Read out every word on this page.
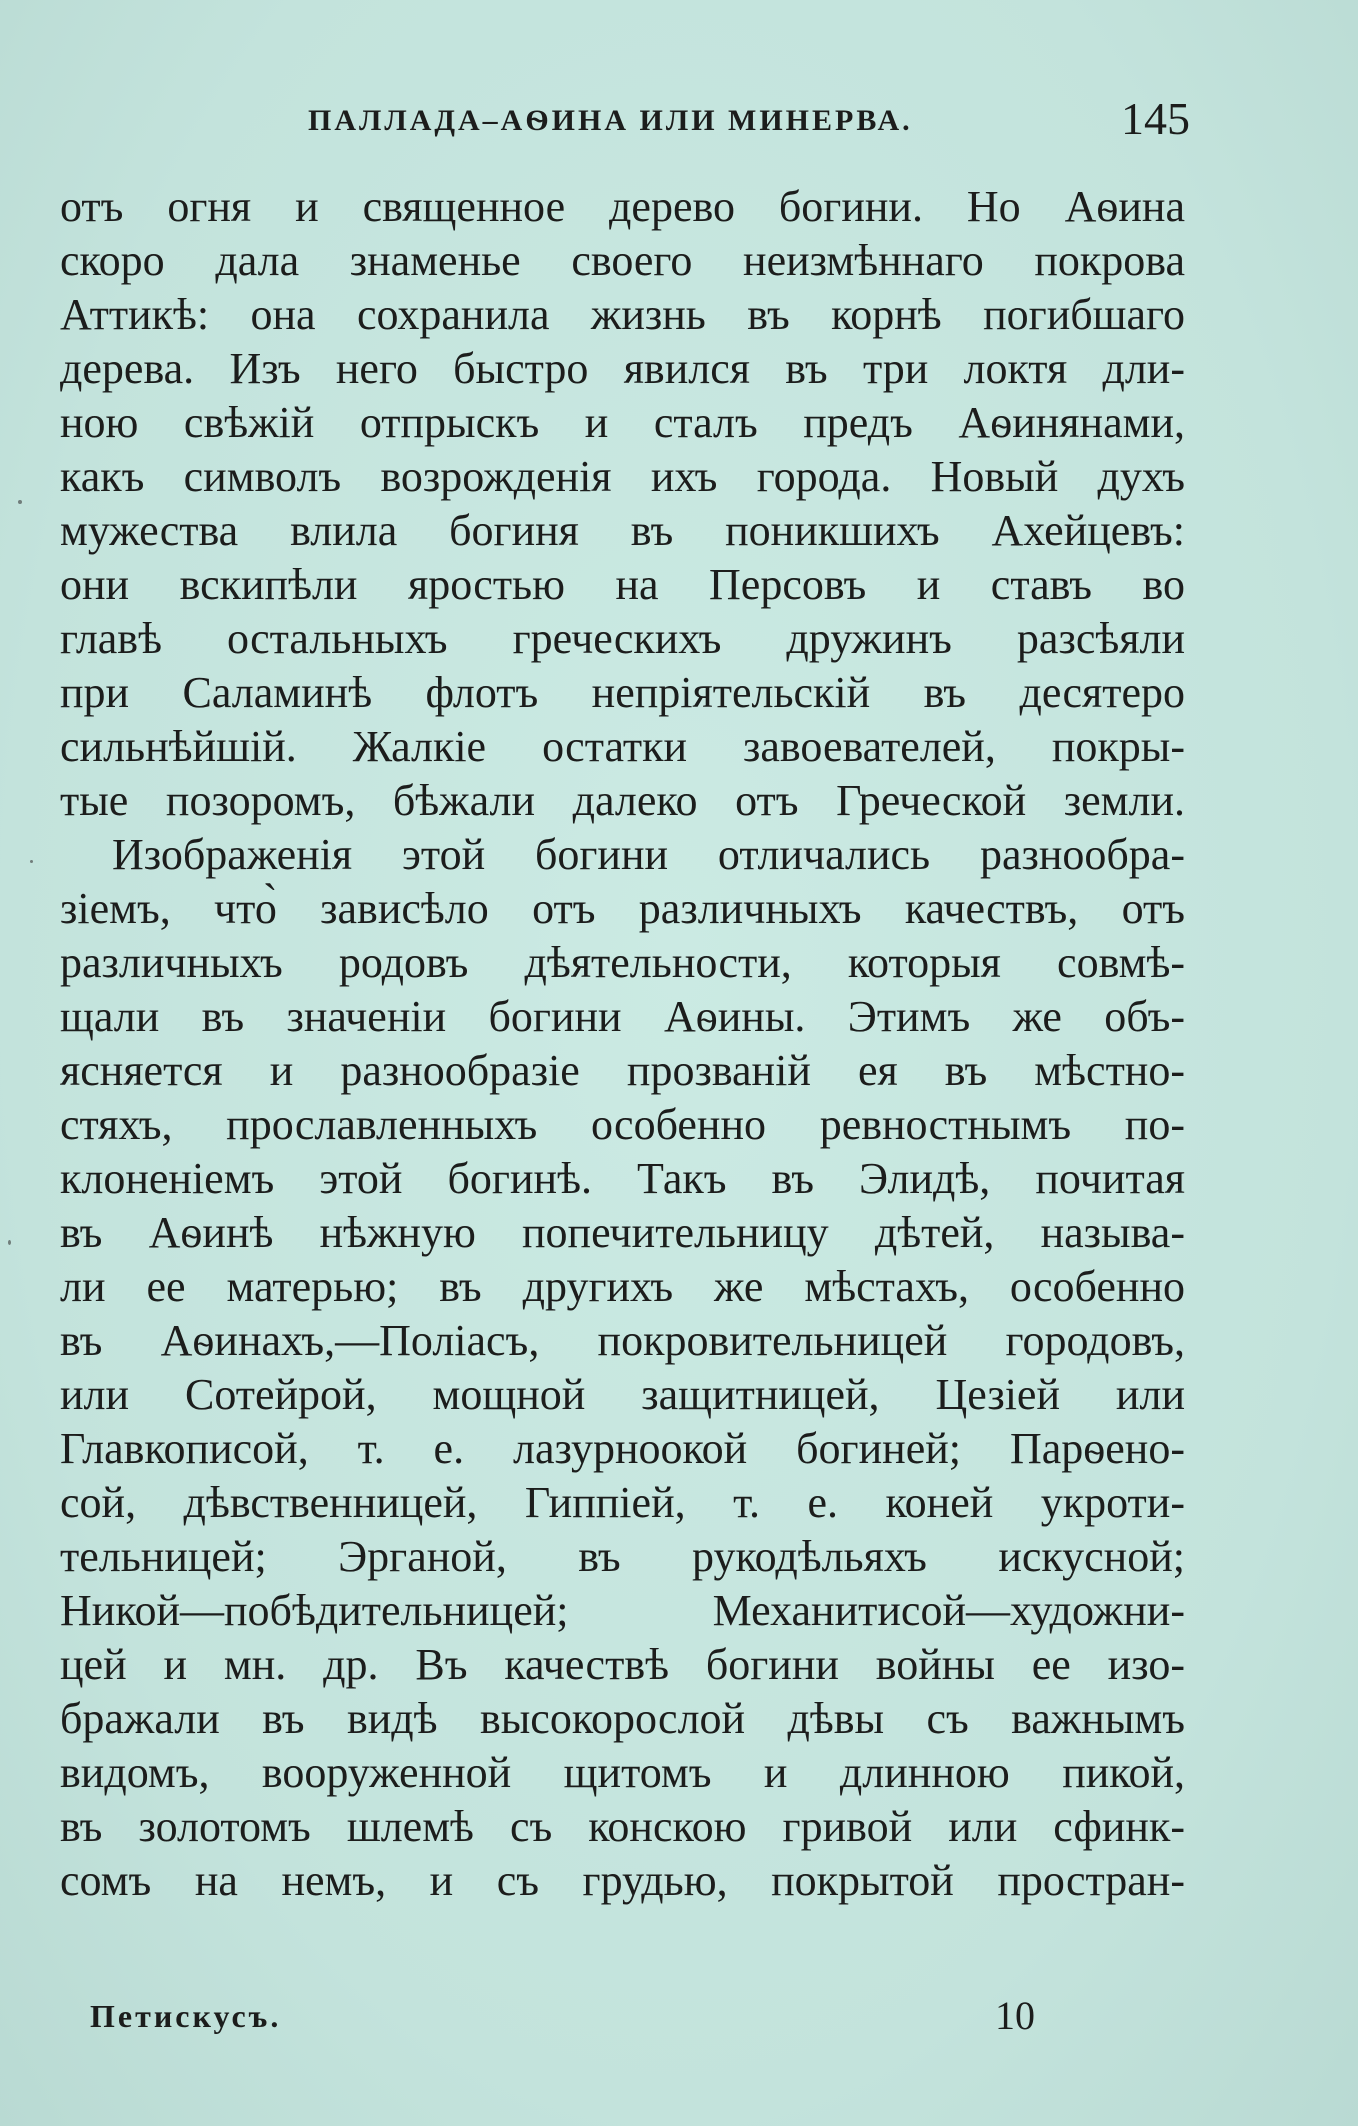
ПАЛЛАДА–АѲИНА ИЛИ МИНЕРВА.	145
отъ огня и священное дерево богини. Но Аѳина
скоро дала знаменье своего неизмѣннаго покрова
Аттикѣ: она сохранила жизнь въ корнѣ погибшаго
дерева. Изъ него быстро явился въ три локтя дли-
ною свѣжій отпрыскъ и сталъ предъ Аѳинянами,
какъ символъ возрожденія ихъ города. Новый духъ
мужества влила богиня въ поникшихъ Ахейцевъ:
они вскипѣли яростью на Персовъ и ставъ во
главѣ остальныхъ греческихъ дружинъ разсѣяли
при Саламинѣ флотъ непріятельскій въ десятеро
сильнѣйшій. Жалкіе остатки завоевателей, покры-
тые позоромъ, бѣжали далеко отъ Греческой земли.
Изображенія этой богини отличались разнообра-
зіемъ, что̀ зависѣло отъ различныхъ качествъ, отъ
различныхъ родовъ дѣятельности, которыя совмѣ-
щали въ значеніи богини Аѳины. Этимъ же объ-
ясняется и разнообразіе прозваній ея въ мѣстно-
стяхъ, прославленныхъ особенно ревностнымъ по-
клоненіемъ этой богинѣ. Такъ въ Элидѣ, почитая
въ Аѳинѣ нѣжную попечительницу дѣтей, называ-
ли ее матерью; въ другихъ же мѣстахъ, особенно
въ Аѳинахъ,—Поліасъ, покровительницей городовъ,
или Сотейрой, мощной защитницей, Цезіей или
Главкописой, т. е. лазурноокой богиней; Парѳено-
сой, дѣвственницей, Гиппіей, т. е. коней укроти-
тельницей; Эрганой, въ рукодѣльяхъ искусной;
Никой—побѣдительницей; Механитисой—художни-
цей и мн. др. Въ качествѣ богини войны ее изо-
бражали въ видѣ высокорослой дѣвы съ важнымъ
видомъ, вооруженной щитомъ и длинною пикой,
въ золотомъ шлемѣ съ конскою гривой или сфинк-
сомъ на немъ, и съ грудью, покрытой простран-
Петискусъ.	10
